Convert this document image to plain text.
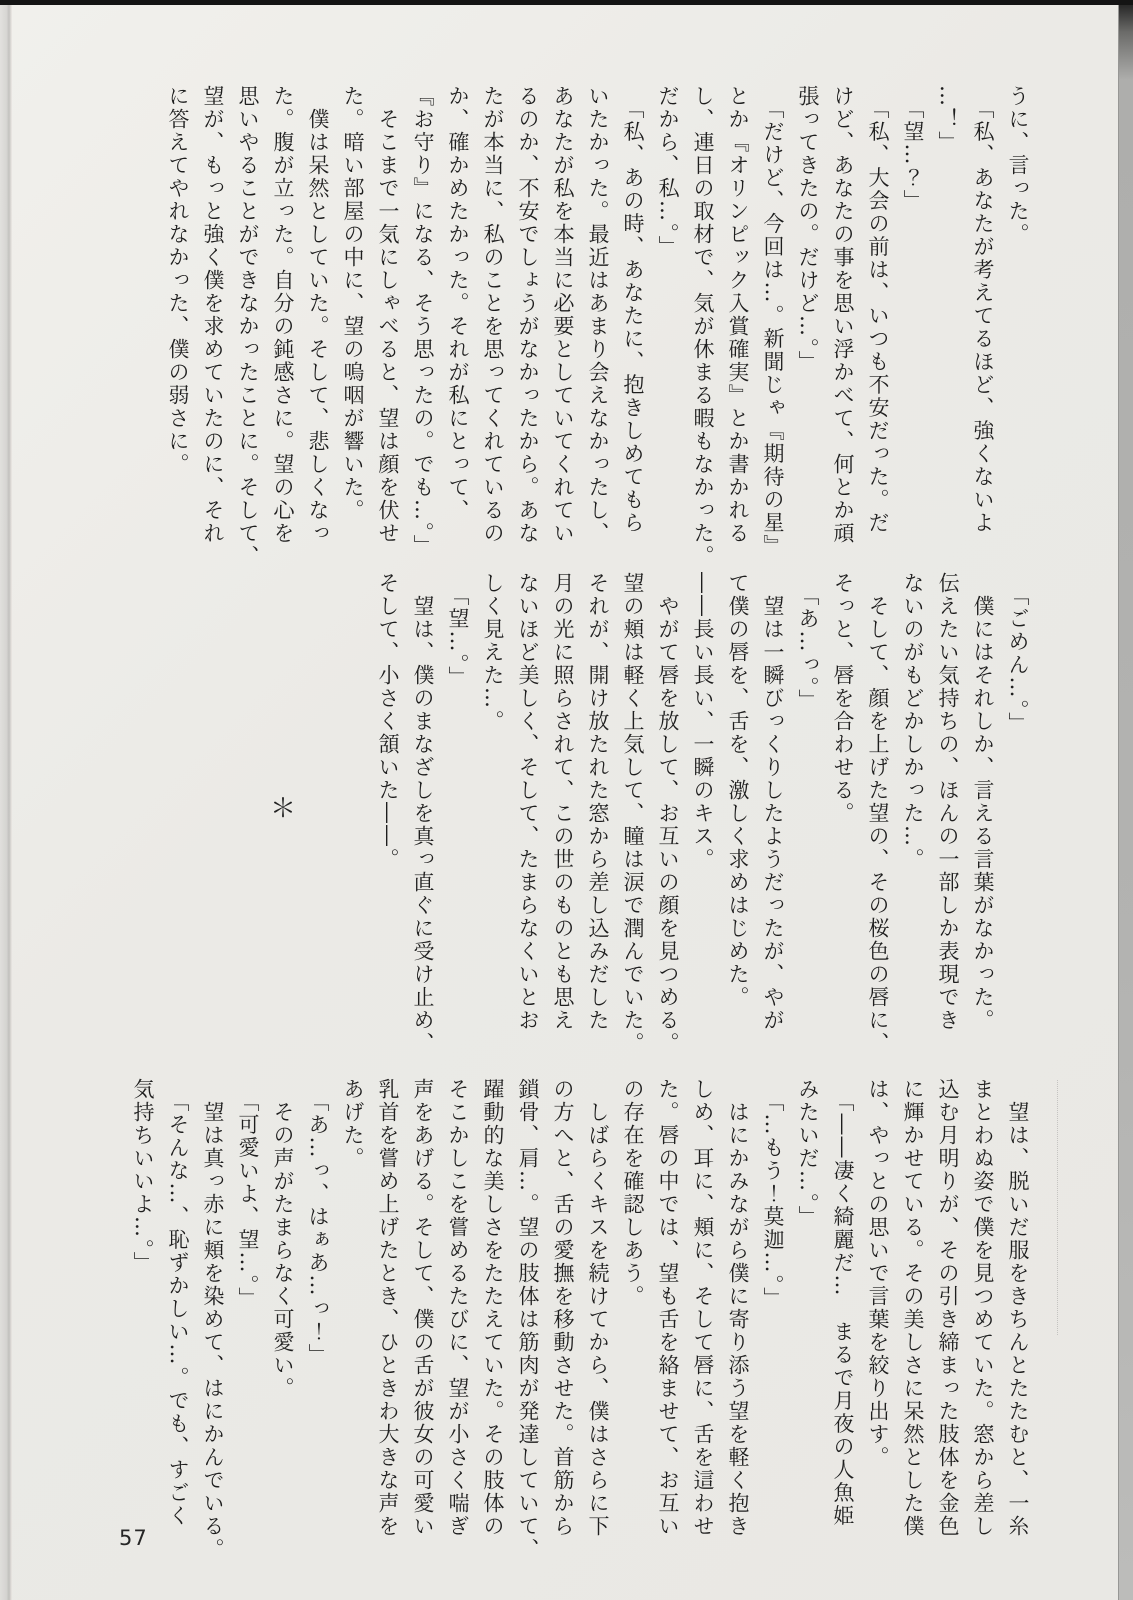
うに、言った。
　「私、あなたが考えてるほど、強くないよ
…！」
　「望…？」
　「私、大会の前は、いつも不安だった。だ
けど、あなたの事を思い浮かべて、何とか頑
張ってきたの。だけど…。」
　「だけど、今回は…。新聞じゃ『期待の星』
とか『オリンピック入賞確実』とか書かれる
し、連日の取材で、気が休まる暇もなかった。
だから、私…。」
　「私、あの時、あなたに、抱きしめてもら
いたかった。最近はあまり会えなかったし、
あなたが私を本当に必要としていてくれてい
るのか、不安でしょうがなかったから。あな
たが本当に、私のことを思ってくれているの
か、確かめたかった。それが私にとって、
『お守り』になる、そう思ったの。でも…。」
　そこまで一気にしゃべると、望は顔を伏せ
た。暗い部屋の中に、望の嗚咽が響いた。
　僕は呆然としていた。そして、悲しくなっ
た。腹が立った。自分の鈍感さに。望の心を
思いやることができなかったことに。そして、
望が、もっと強く僕を求めていたのに、それ
に答えてやれなかった、僕の弱さに。
　「ごめん…。」
　僕にはそれしか、言える言葉がなかった。
伝えたい気持ちの、ほんの一部しか表現でき
ないのがもどかしかった…。
　そして、顔を上げた望の、その桜色の唇に、
そっと、唇を合わせる。
　「あ…っ。」
　望は一瞬びっくりしたようだったが、やが
て僕の唇を、舌を、激しく求めはじめた。
――長い長い、一瞬のキス。
　やがて唇を放して、お互いの顔を見つめる。
望の頬は軽く上気して、瞳は涙で潤んでいた。
それが、開け放たれた窓から差し込みだした
月の光に照らされて、この世のものとも思え
ないほど美しく、そして、たまらなくいとお
しく見えた…。
　「望…。」
　望は、僕のまなざしを真っ直ぐに受け止め、
そして、小さく頷いた――。
＊
　望は、脱いだ服をきちんとたたむと、一糸
まとわぬ姿で僕を見つめていた。窓から差し
込む月明りが、その引き締まった肢体を金色
に輝かせている。その美しさに呆然とした僕
は、やっとの思いで言葉を絞り出す。
　「――凄く綺麗だ…　まるで月夜の人魚姫
みたいだ…。」
　「…もう！莫迦…。」
　はにかみながら僕に寄り添う望を軽く抱き
しめ、耳に、頬に、そして唇に、舌を這わせ
た。唇の中では、望も舌を絡ませて、お互い
の存在を確認しあう。
　しばらくキスを続けてから、僕はさらに下
の方へと、舌の愛撫を移動させた。首筋から
鎖骨、肩…。望の肢体は筋肉が発達していて、
躍動的な美しさをたたえていた。その肢体の
そこかしこを嘗めるたびに、望が小さく喘ぎ
声をあげる。そして、僕の舌が彼女の可愛い
乳首を嘗め上げたとき、ひときわ大きな声を
あげた。
　「あ…っ、はぁあ…っ！」
　その声がたまらなく可愛い。
　「可愛いよ、望…。」
　望は真っ赤に頬を染めて、はにかんでいる。
　「そんな…、恥ずかしい…。でも、すごく
気持ちいいよ…。」
57
